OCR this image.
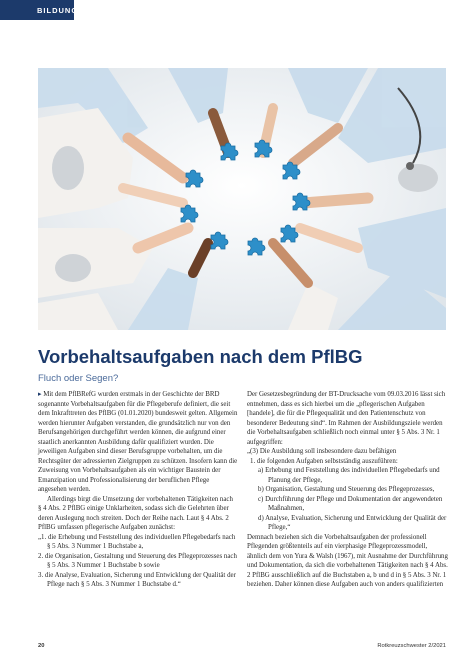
BILDUNG
Vorbehaltsaufgaben nach dem PflBG
Fluch oder Segen?

▸ Mit dem PflBRefG wurden erstmals in der Geschichte der BRD sogenannte Vorbehaltsaufgaben für die Pflegeberufe definiert, die seit dem Inkrafttreten des PflBG (01.01.2020) bundesweit gelten. Allgemein werden hierunter Aufgaben verstanden, die grundsätzlich nur von den Berufsangehörigen durchgeführt werden können, die aufgrund einer staatlich anerkannten Ausbildung dafür qualifiziert wurden. Die jeweiligen Aufgaben sind dieser Berufsgruppe vorbehalten, um die Rechtsgüter der adressierten Zielgruppen zu schützen. Insofern kann die Zuweisung von Vorbehaltsaufgaben als ein wichtiger Baustein der Emanzipation und Professionalisierung der beruflichen Pflege angesehen werden.

Allerdings birgt die Umsetzung der vorbehaltenen Tätigkeiten nach § 4 Abs. 2 PflBG einige Unklarheiten, sodass sich die Gelehrten über deren Auslegung noch streiten. Doch der Reihe nach. Laut § 4 Abs. 2 PflBG umfassen pflegerische Aufgaben zunächst:

„1. die Erhebung und Feststellung des individuellen Pflegebedarfs nach § 5 Abs. 3 Nummer 1 Buchstabe a,

2. die Organisation, Gestaltung und Steuerung des Pflegeprozesses nach § 5 Abs. 3 Nummer 1 Buchstabe b sowie

3. die Analyse, Evaluation, Sicherung und Entwicklung der Qualität der Pflege nach § 5 Abs. 3 Nummer 1 Buchstabe d.“

Der Gesetzesbegründung der BT-Drucksache vom 09.03.2016 lässt sich entnehmen, dass es sich hierbei um die „pflegerischen Aufgaben [handele], die für die Pflegequalität und den Patientenschutz von besonderer Bedeutung sind“. Im Rahmen der Ausbildungsziele werden die Vorbehaltsaufgaben schließlich noch einmal unter § 5 Abs. 3 Nr. 1 aufgegriffen:

„(3) Die Ausbildung soll insbesondere dazu befähigen

1. die folgenden Aufgaben selbstständig auszuführen:

a) Erhebung und Feststellung des individuellen Pflegebedarfs und Planung der Pflege,

b) Organisation, Gestaltung und Steuerung des Pflegeprozesses,

c) Durchführung der Pflege und Dokumentation der angewendeten Maßnahmen,

d) Analyse, Evaluation, Sicherung und Entwicklung der Qualität der Pflege,“

Demnach beziehen sich die Vorbehaltsaufgaben der professionell Pflegenden größtenteils auf ein vierphasige Pflegeprozessmodell, ähnlich dem von Yura & Walsh (1967), mit Ausnahme der Durchführung und Dokumentation, da sich die vorbehaltenen Tätigkeiten nach § 4 Abs. 2 PflBG ausschließlich auf die Buchstaben a, b und d in § 5 Abs. 3 Nr. 1 beziehen. Daher können diese Aufgaben auch von anders qualifizierten

20	Rotkreuzschwester 2/2021
